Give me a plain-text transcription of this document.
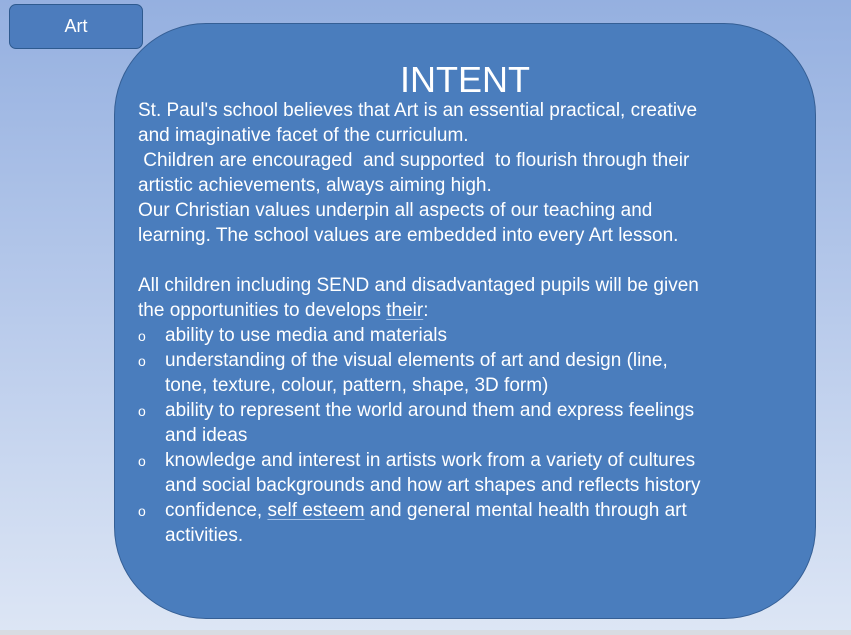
Art
INTENT
St. Paul's school believes that Art is an essential practical, creative
and imaginative facet of the curriculum.
Children are encouraged  and supported  to flourish through their
artistic achievements, always aiming high.
Our Christian values underpin all aspects of our teaching and
learning. The school values are embedded into every Art lesson.
All children including SEND and disadvantaged pupils will be given
the opportunities to develops their:
o ability to use media and materials
o understanding of the visual elements of art and design (line,
tone, texture, colour, pattern, shape, 3D form)
o ability to represent the world around them and express feelings
and ideas
o knowledge and interest in artists work from a variety of cultures
and social backgrounds and how art shapes and reflects history
o confidence, self esteem and general mental health through art
activities.
